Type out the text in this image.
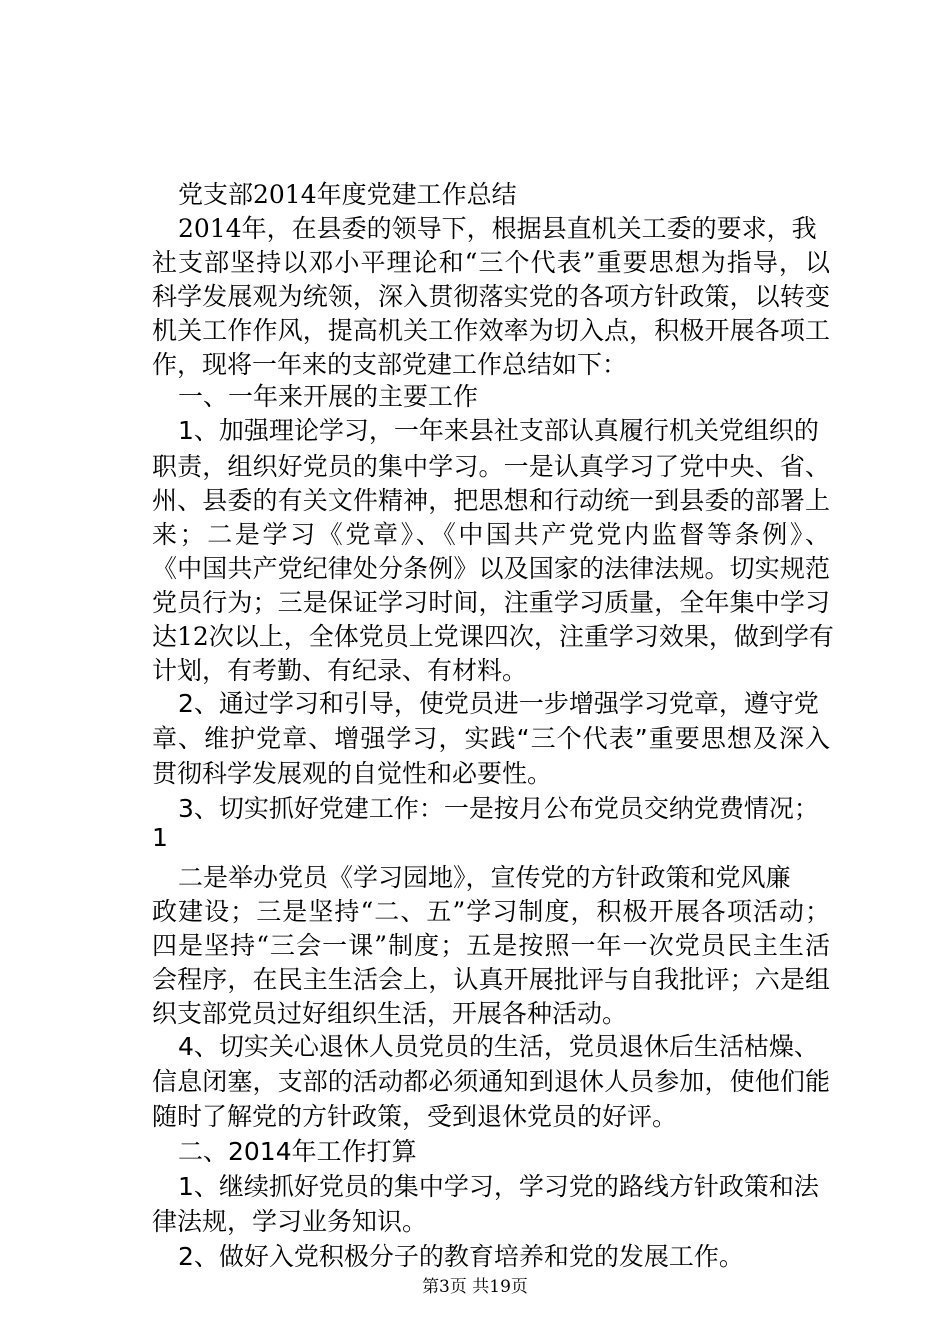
党支部2014年度党建工作总结
2014年，在县委的领导下，根据县直机关工委的要求，我
社支部坚持以邓小平理论和“三个代表”重要思想为指导，以
科学发展观为统领，深入贯彻落实党的各项方针政策，以转变
机关工作作风，提高机关工作效率为切入点，积极开展各项工
作，现将一年来的支部党建工作总结如下：
一、一年来开展的主要工作
1、加强理论学习，一年来县社支部认真履行机关党组织的
职责，组织好党员的集中学习。一是认真学习了党中央、省、
州、县委的有关文件精神，把思想和行动统一到县委的部署上
来；二是学习《党章》、《中国共产党党内监督等条例》、
《中国共产党纪律处分条例》以及国家的法律法规。切实规范
党员行为；三是保证学习时间，注重学习质量，全年集中学习
达12次以上，全体党员上党课四次，注重学习效果，做到学有
计划，有考勤、有纪录、有材料。
2、通过学习和引导，使党员进一步增强学习党章，遵守党
章、维护党章、增强学习，实践“三个代表”重要思想及深入
贯彻科学发展观的自觉性和必要性。
3、切实抓好党建工作：一是按月公布党员交纳党费情况；
1
二是举办党员《学习园地》，宣传党的方针政策和党风廉
政建设；三是坚持“二、五”学习制度，积极开展各项活动；
四是坚持“三会一课”制度；五是按照一年一次党员民主生活
会程序，在民主生活会上，认真开展批评与自我批评；六是组
织支部党员过好组织生活，开展各种活动。
4、切实关心退休人员党员的生活，党员退休后生活枯燥、
信息闭塞，支部的活动都必须通知到退休人员参加，使他们能
随时了解党的方针政策，受到退休党员的好评。
二、2014年工作打算
1、继续抓好党员的集中学习，学习党的路线方针政策和法
律法规，学习业务知识。
2、做好入党积极分子的教育培养和党的发展工作。
第3页 共19页
